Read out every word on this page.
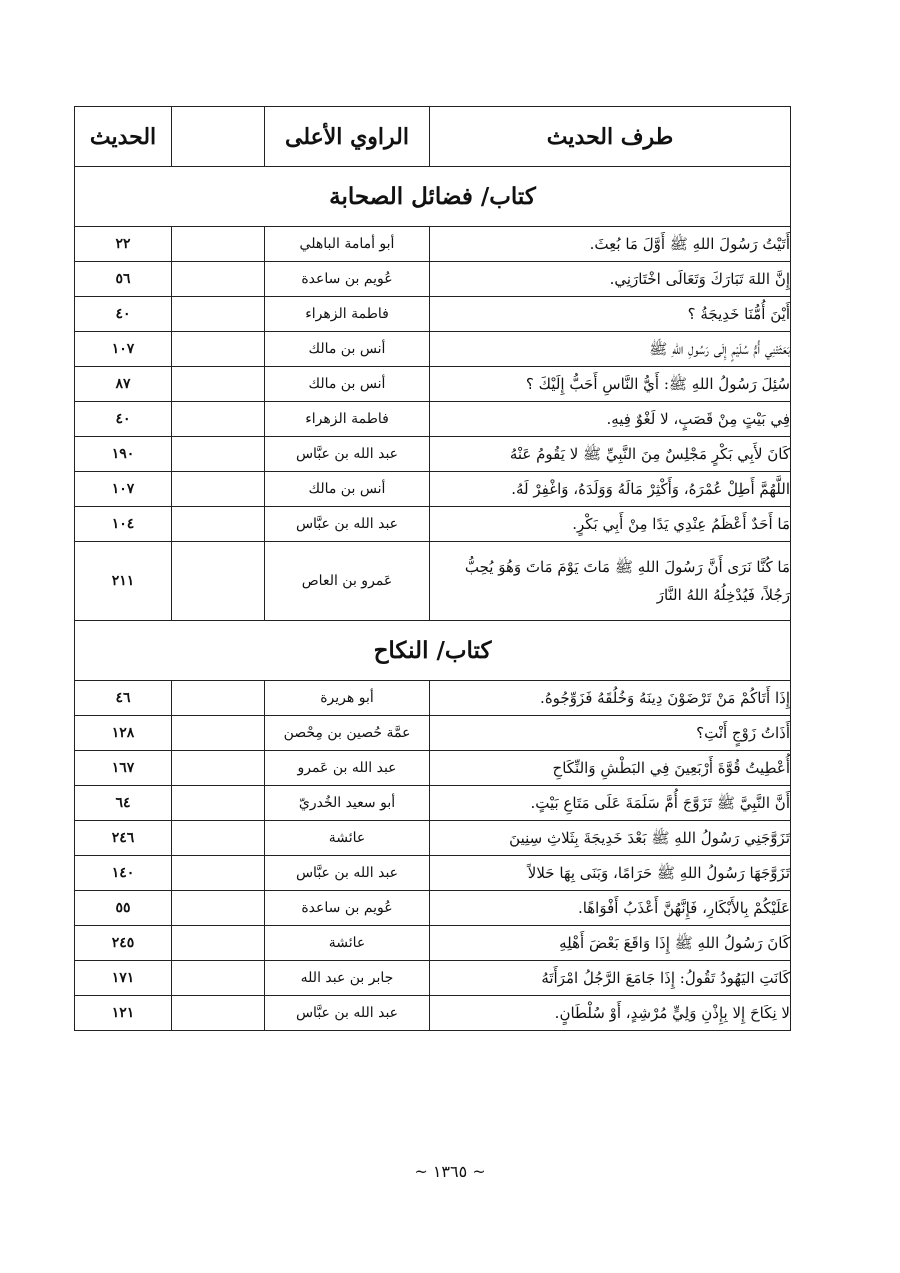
طرف الحديث	الراوي الأعلى		الحديث
كتاب/ فضائل الصحابة			
أَتَيْتُ رَسُولَ اللهِ ﷺ أَوَّلَ مَا بُعِثَ.	أبو أمامة الباهلي		٢٢
إِنَّ اللهَ تَبَارَكَ وَتَعَالَى اخْتَارَنِي.	عُويم بن ساعدة		٥٦
أَيْنَ أُمُّنَا خَدِيجَةُ ؟	فاطمة الزهراء		٤٠
بَعَثَتْنِي أُمُّ سُلَيْمٍ إِلَى رَسُولِ اللهِ ﷺ	أنس بن مالك		١٠٧
سُئِلَ رَسُولُ اللهِ ﷺ: أَيُّ النَّاسِ أَحَبُّ إِلَيْكَ ؟	أنس بن مالك		٨٧
فِي بَيْتٍ مِنْ قَصَبٍ، لا لَغْوٌ فِيهِ.	فاطمة الزهراء		٤٠
كَانَ لأَبِي بَكْرٍ مَجْلِسٌ مِنَ النَّبِيِّ ﷺ لا يَقُومُ عَنْهُ	عبد الله بن عبَّاس		١٩٠
اللَّهُمَّ أَطِلْ عُمْرَهُ، وَأَكْثِرْ مَالَهُ وَوَلَدَهُ، وَاغْفِرْ لَهُ.	أنس بن مالك		١٠٧
مَا أَحَدٌ أَعْظَمُ عِنْدِي يَدًا مِنْ أَبِي بَكْرٍ.	عبد الله بن عبَّاس		١٠٤
مَا كُنَّا نَرَى أَنَّ رَسُولَ اللهِ ﷺ مَاتَ يَوْمَ مَاتَ وَهُوَ يُحِبُّ رَجُلاً، فَيُدْخِلُهُ اللهُ النَّارَ	عَمرو بن العاص		٢١١
كتاب/ النكاح			
إِذَا أَتَاكُمْ مَنْ تَرْضَوْنَ دِينَهُ وَخُلُقَهُ فَزَوِّجُوهُ.	أبو هريرة		٤٦
أَذَاتُ زَوْجٍ أَنْتِ؟	عمَّة حُصين بن مِحْصن		١٢٨
أُعْطِيتُ قُوَّةَ أَرْبَعِينَ فِي البَطْشِ وَالنِّكَاحِ	عبد الله بن عَمرو		١٦٧
أَنَّ النَّبِيَّ ﷺ تَزَوَّجَ أُمَّ سَلَمَةَ عَلَى مَتَاعِ بَيْتٍ.	أبو سعيد الخُدريّ		٦٤
تَزَوَّجَنِي رَسُولُ اللهِ ﷺ بَعْدَ خَدِيجَةَ بِثَلاثِ سِنِينَ	عائشة		٢٤٦
تَزَوَّجَهَا رَسُولُ اللهِ ﷺ حَرَامًا، وَبَنَى بِهَا حَلالاً	عبد الله بن عبَّاس		١٤٠
عَلَيْكُمْ بِالأَبْكَارِ، فَإِنَّهُنَّ أَعْذَبُ أَفْوَاهًا.	عُويم بن ساعدة		٥٥
كَانَ رَسُولُ اللهِ ﷺ إِذَا وَاقَعَ بَعْضَ أَهْلِهِ	عائشة		٢٤٥
كَانَتِ اليَهُودُ تَقُولُ: إِذَا جَامَعَ الرَّجُلُ امْرَأَتَهُ	جابر بن عبد الله		١٧١
لا نِكَاحَ إِلا بِإِذْنِ وَلِيٍّ مُرْشِدٍ، أَوْ سُلْطَانٍ.	عبد الله بن عبَّاس		١٢١
~ ١٣٦٥ ~
